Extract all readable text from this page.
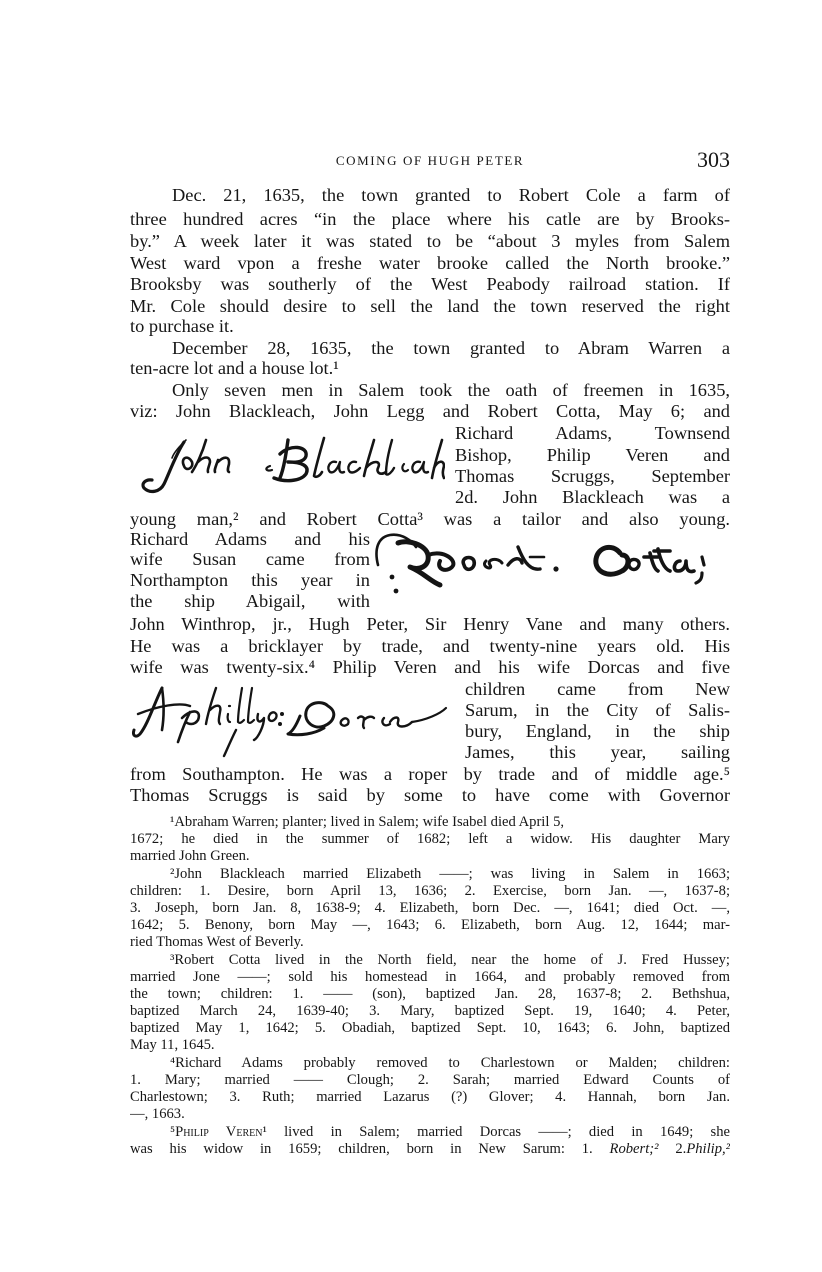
COMING OF HUGH PETER	303
Dec. 21, 1635, the town granted to Robert Cole a farm of
three hundred acres “in the place where his catle are by Brooks-
by.” A week later it was stated to be “about 3 myles from Salem
West ward vpon a freshe water brooke called the North brooke.”
Brooksby was southerly of the West Peabody railroad station. If
Mr. Cole should desire to sell the land the town reserved the right
to purchase it.
December 28, 1635, the town granted to Abram Warren a
ten-acre lot and a house lot.¹
Only seven men in Salem took the oath of freemen in 1635,
viz: John Blackleach, John Legg and Robert Cotta, May 6; and
Richard Adams, Townsend
Bishop, Philip Veren and
Thomas Scruggs, September
2d. John Blackleach was a
young man,² and Robert Cotta³ was a tailor and also young.
Richard Adams and his
wife Susan came from
Northampton this year in
the ship Abigail, with
John Winthrop, jr., Hugh Peter, Sir Henry Vane and many others.
He was a bricklayer by trade, and twenty-nine years old. His
wife was twenty-six.⁴ Philip Veren and his wife Dorcas and five
children came from New
Sarum, in the City of Salis-
bury, England, in the ship
James, this year, sailing
from Southampton. He was a roper by trade and of middle age.⁵
Thomas Scruggs is said by some to have come with Governor
¹Abraham Warren; planter; lived in Salem; wife Isabel died April 5,
1672; he died in the summer of 1682; left a widow. His daughter Mary
married John Green.
²John Blackleach married Elizabeth ——; was living in Salem in 1663;
children: 1. Desire, born April 13, 1636; 2. Exercise, born Jan. —, 1637-8;
3. Joseph, born Jan. 8, 1638-9; 4. Elizabeth, born Dec. —, 1641; died Oct. —,
1642; 5. Benony, born May —, 1643; 6. Elizabeth, born Aug. 12, 1644; mar-
ried Thomas West of Beverly.
³Robert Cotta lived in the North field, near the home of J. Fred Hussey;
married Jone ——; sold his homestead in 1664, and probably removed from
the town; children: 1. —— (son), baptized Jan. 28, 1637-8; 2. Bethshua,
baptized March 24, 1639-40; 3. Mary, baptized Sept. 19, 1640; 4. Peter,
baptized May 1, 1642; 5. Obadiah, baptized Sept. 10, 1643; 6. John, baptized
May 11, 1645.
⁴Richard Adams probably removed to Charlestown or Malden; children:
1. Mary; married —— Clough; 2. Sarah; married Edward Counts of
Charlestown; 3. Ruth; married Lazarus (?) Glover; 4. Hannah, born Jan.
—, 1663.
⁵Philip Veren¹ lived in Salem; married Dorcas ——; died in 1649; she
was his widow in 1659; children, born in New Sarum: 1. Robert;² 2.Philip,²
